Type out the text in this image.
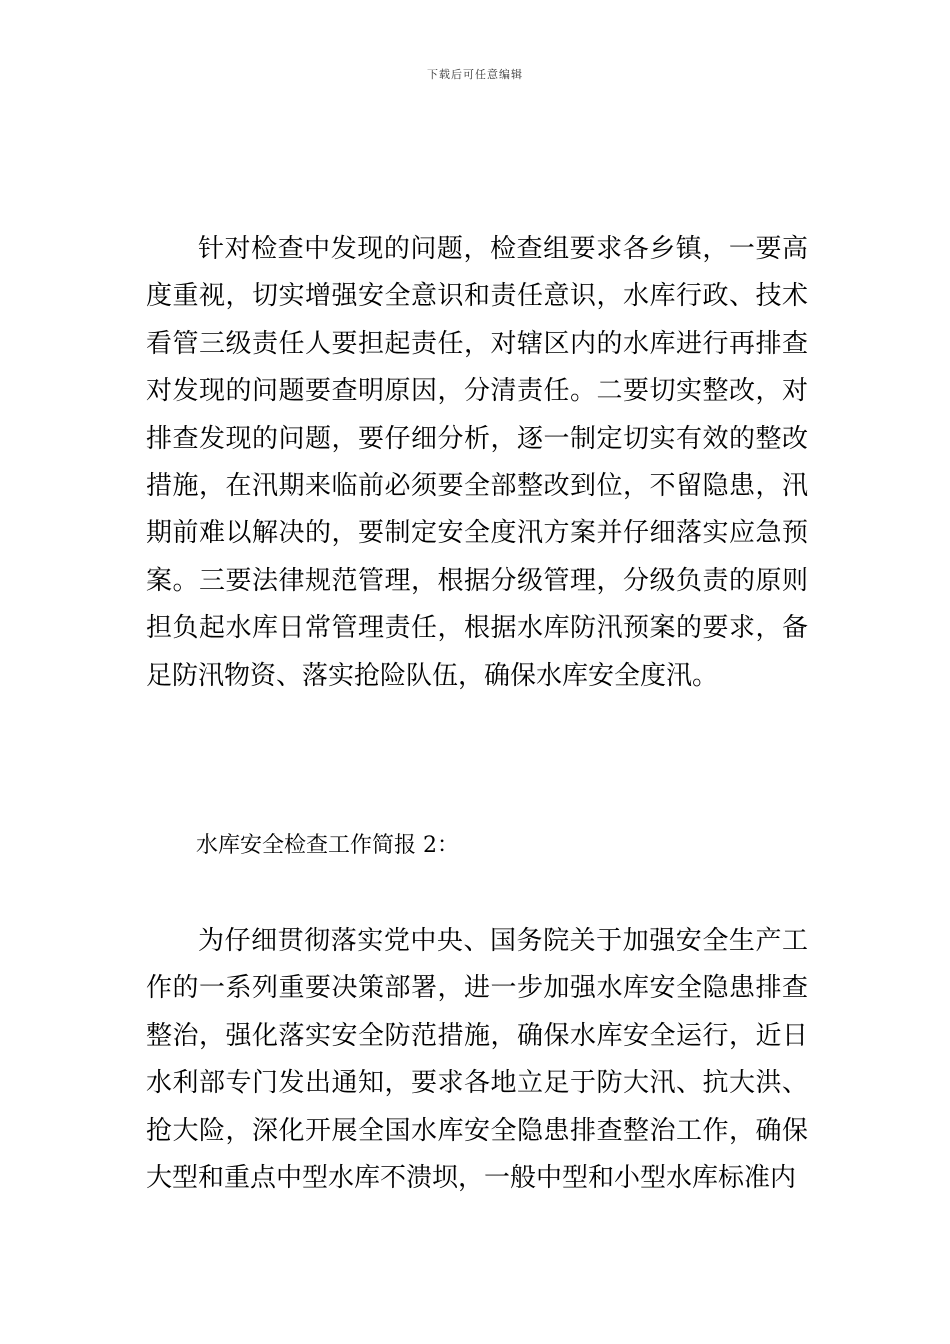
下载后可任意编辑

针对检查中发现的问题，检查组要求各乡镇，一要高度重视，切实增强安全意识和责任意识，水库行政、技术看管三级责任人要担起责任，对辖区内的水库进行再排查对发现的问题要查明原因，分清责任。二要切实整改，对排查发现的问题，要仔细分析，逐一制定切实有效的整改措施，在汛期来临前必须要全部整改到位，不留隐患，汛期前难以解决的，要制定安全度汛方案并仔细落实应急预案。三要法律规范管理，根据分级管理，分级负责的原则担负起水库日常管理责任，根据水库防汛预案的要求，备足防汛物资、落实抢险队伍，确保水库安全度汛。

水库安全检查工作简报 2：

为仔细贯彻落实党中央、国务院关于加强安全生产工作的一系列重要决策部署，进一步加强水库安全隐患排查整治，强化落实安全防范措施，确保水库安全运行，近日水利部专门发出通知，要求各地立足于防大汛、抗大洪、抢大险，深化开展全国水库安全隐患排查整治工作，确保大型和重点中型水库不溃坝，一般中型和小型水库标准内
